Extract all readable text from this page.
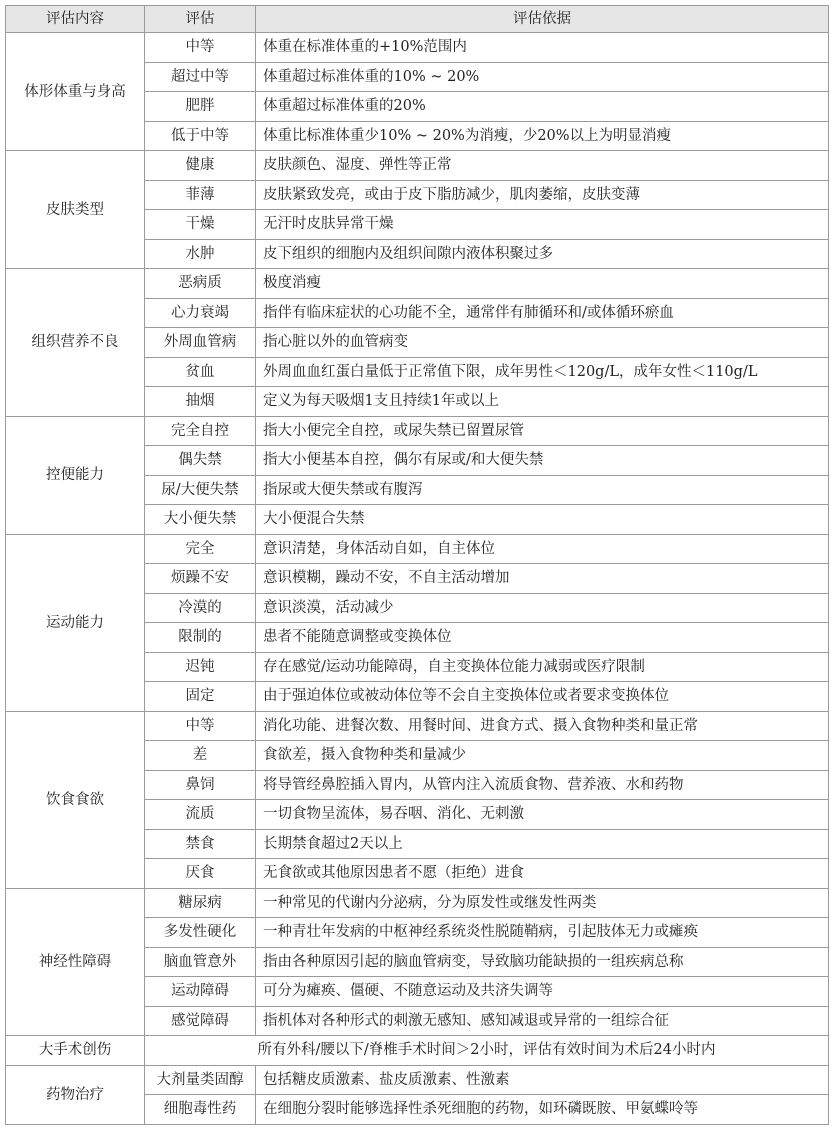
评估内容	评估	评估依据
体形体重与身高	中等	体重在标准体重的+10%范围内
	超过中等	体重超过标准体重的10% ~ 20%
	肥胖	体重超过标准体重的20%
	低于中等	体重比标准体重少10% ~ 20%为消瘦，少20%以上为明显消瘦
皮肤类型	健康	皮肤颜色、湿度、弹性等正常
	菲薄	皮肤紧致发亮，或由于皮下脂肪减少，肌肉萎缩，皮肤变薄
	干燥	无汗时皮肤异常干燥
	水肿	皮下组织的细胞内及组织间隙内液体积聚过多
组织营养不良	恶病质	极度消瘦
	心力衰竭	指伴有临床症状的心功能不全，通常伴有肺循环和/或体循环瘀血
	外周血管病	指心脏以外的血管病变
	贫血	外周血血红蛋白量低于正常值下限，成年男性＜120g/L，成年女性＜110g/L
	抽烟	定义为每天吸烟1支且持续1年或以上
控便能力	完全自控	指大小便完全自控，或尿失禁已留置尿管
	偶失禁	指大小便基本自控，偶尔有尿或/和大便失禁
	尿/大便失禁	指尿或大便失禁或有腹泻
	大小便失禁	大小便混合失禁
运动能力	完全	意识清楚，身体活动自如，自主体位
	烦躁不安	意识模糊，躁动不安，不自主活动增加
	冷漠的	意识淡漠，活动减少
	限制的	患者不能随意调整或变换体位
	迟钝	存在感觉/运动功能障碍，自主变换体位能力减弱或医疗限制
	固定	由于强迫体位或被动体位等不会自主变换体位或者要求变换体位
饮食食欲	中等	消化功能、进餐次数、用餐时间、进食方式、摄入食物种类和量正常
	差	食欲差，摄入食物种类和量减少
	鼻饲	将导管经鼻腔插入胃内，从管内注入流质食物、营养液、水和药物
	流质	一切食物呈流体，易吞咽、消化、无刺激
	禁食	长期禁食超过2天以上
	厌食	无食欲或其他原因患者不愿（拒绝）进食
神经性障碍	糖尿病	一种常见的代谢内分泌病，分为原发性或继发性两类
	多发性硬化	一种青壮年发病的中枢神经系统炎性脱随鞘病，引起肢体无力或瘫痪
	脑血管意外	指由各种原因引起的脑血管病变，导致脑功能缺损的一组疾病总称
	运动障碍	可分为瘫痪、僵硬、不随意运动及共济失调等
	感觉障碍	指机体对各种形式的刺激无感知、感知减退或异常的一组综合征
大手术创伤	所有外科/腰以下/脊椎手术时间＞2小时，评估有效时间为术后24小时内	
药物治疗	大剂量类固醇	包括糖皮质激素、盐皮质激素、性激素
	细胞毒性药	在细胞分裂时能够选择性杀死细胞的药物，如环磷既胺、甲氨蝶呤等
